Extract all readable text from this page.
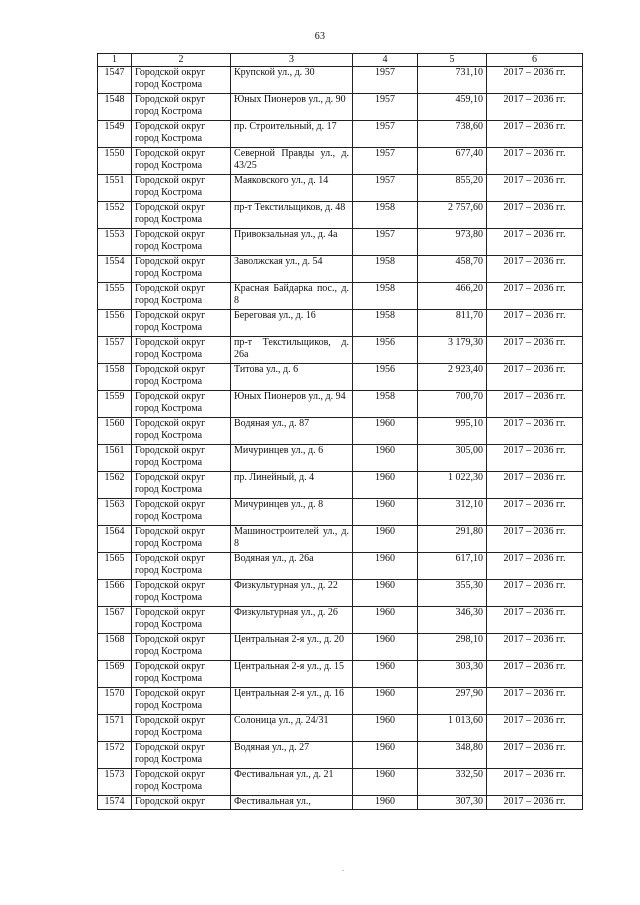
63
1	2	3	4	5	6
1547	Городской округ
город Кострома	Крупской ул., д. 30	1957	731,10	2017 – 2036 гг.
1548	Городской округ
город Кострома	Юных Пионеров ул., д. 90	1957	459,10	2017 – 2036 гг.
1549	Городской округ
город Кострома	пр. Строительный, д. 17	1957	738,60	2017 – 2036 гг.
1550	Городской округ
город Кострома	Северной Правды ул., д. 43/25	1957	677,40	2017 – 2036 гг.
1551	Городской округ
город Кострома	Маяковского ул., д. 14	1957	855,20	2017 – 2036 гг.
1552	Городской округ
город Кострома	пр-т Текстильщиков, д. 48	1958	2 757,60	2017 – 2036 гг.
1553	Городской округ
город Кострома	Привокзальная ул., д. 4а	1957	973,80	2017 – 2036 гг.
1554	Городской округ
город Кострома	Заволжская ул., д. 54	1958	458,70	2017 – 2036 гг.
1555	Городской округ
город Кострома	Красная Байдарка пос., д. 8	1958	466,20	2017 – 2036 гг.
1556	Городской округ
город Кострома	Береговая ул., д. 16	1958	811,70	2017 – 2036 гг.
1557	Городской округ
город Кострома	пр-т Текстильщиков, д. 26а	1956	3 179,30	2017 – 2036 гг.
1558	Городской округ
город Кострома	Титова ул., д. 6	1956	2 923,40	2017 – 2036 гг.
1559	Городской округ
город Кострома	Юных Пионеров ул., д. 94	1958	700,70	2017 – 2036 гг.
1560	Городской округ
город Кострома	Водяная ул., д. 87	1960	995,10	2017 – 2036 гг.
1561	Городской округ
город Кострома	Мичуринцев ул., д. 6	1960	305,00	2017 – 2036 гг.
1562	Городской округ
город Кострома	пр. Линейный, д. 4	1960	1 022,30	2017 – 2036 гг.
1563	Городской округ
город Кострома	Мичуринцев ул., д. 8	1960	312,10	2017 – 2036 гг.
1564	Городской округ
город Кострома	Машиностроителей ул., д. 8	1960	291,80	2017 – 2036 гг.
1565	Городской округ
город Кострома	Водяная ул., д. 26а	1960	617,10	2017 – 2036 гг.
1566	Городской округ
город Кострома	Физкультурная ул., д. 22	1960	355,30	2017 – 2036 гг.
1567	Городской округ
город Кострома	Физкультурная ул., д. 26	1960	346,30	2017 – 2036 гг.
1568	Городской округ
город Кострома	Центральная 2-я ул., д. 20	1960	298,10	2017 – 2036 гг.
1569	Городской округ
город Кострома	Центральная 2-я ул., д. 15	1960	303,30	2017 – 2036 гг.
1570	Городской округ
город Кострома	Центральная 2-я ул., д. 16	1960	297,90	2017 – 2036 гг.
1571	Городской округ
город Кострома	Солоница ул., д. 24/31	1960	1 013,60	2017 – 2036 гг.
1572	Городской округ
город Кострома	Водяная ул., д. 27	1960	348,80	2017 – 2036 гг.
1573	Городской округ
город Кострома	Фестивальная ул., д. 21	1960	332,50	2017 – 2036 гг.
1574	Городской округ	Фестивальная ул.,	1960	307,30	2017 – 2036 гг.
.
